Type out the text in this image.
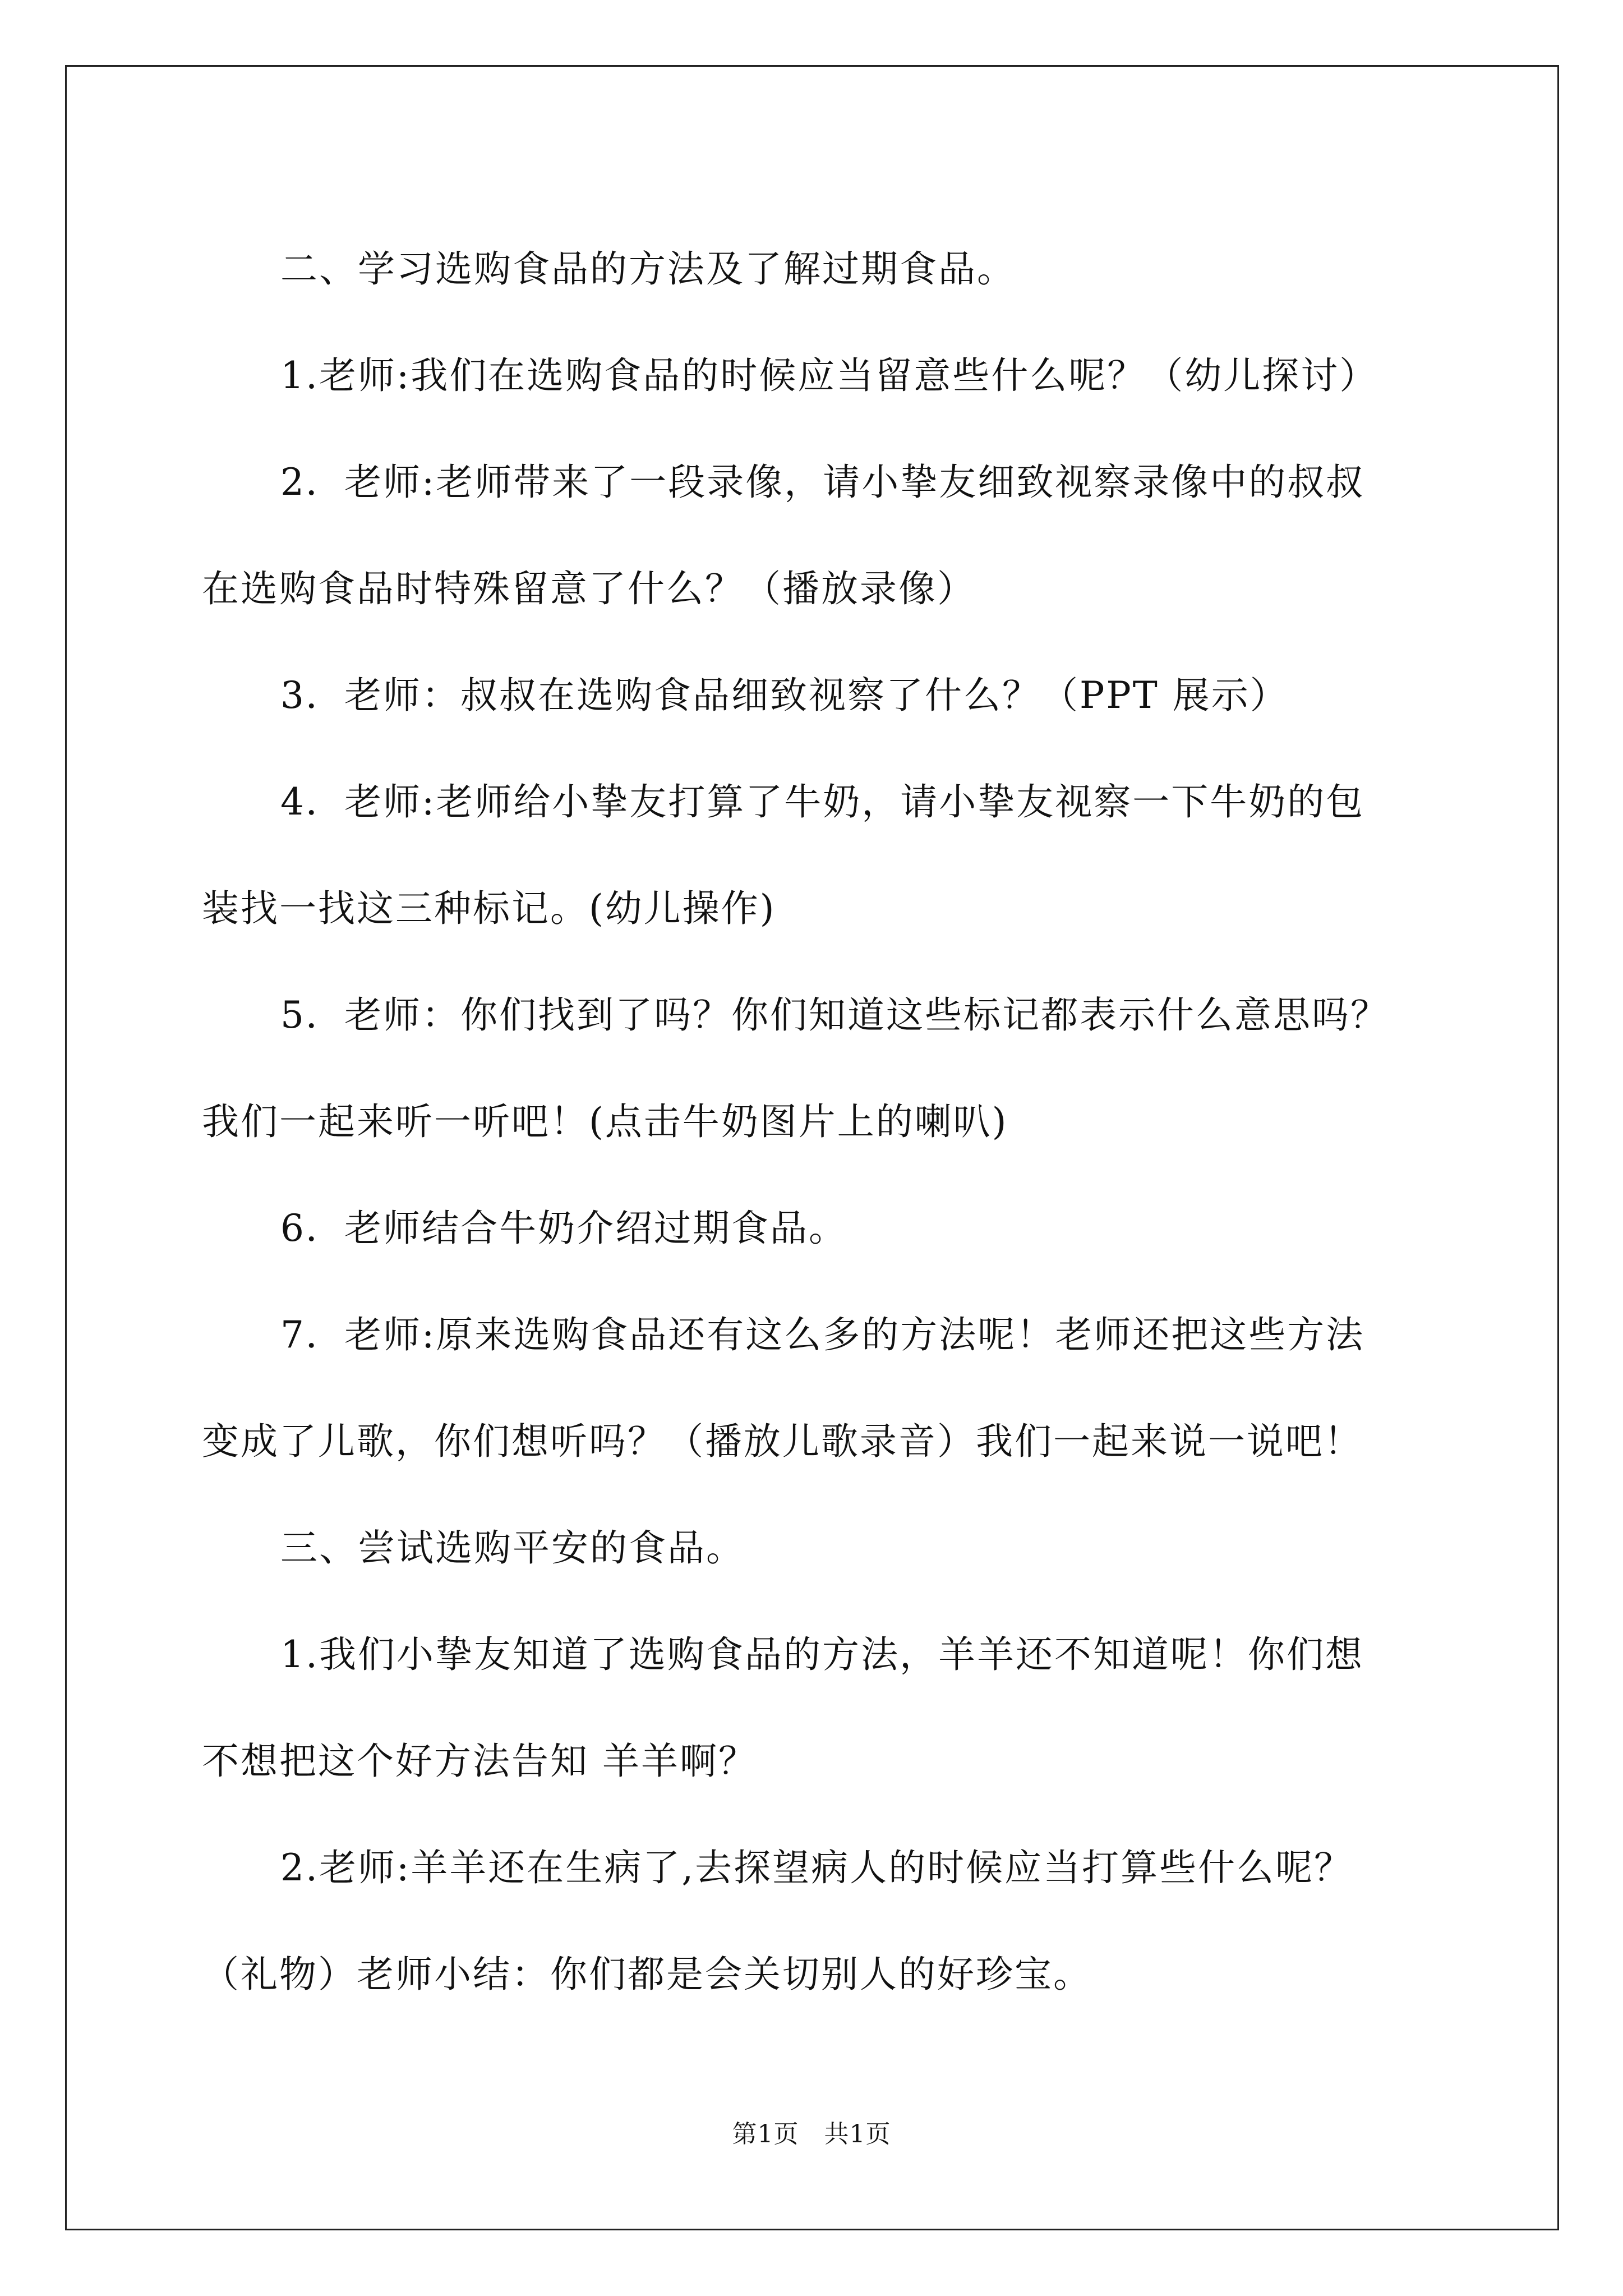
二、学习选购食品的方法及了解过期食品。

1.老师:我们在选购食品的时候应当留意些什么呢？（幼儿探讨）

2．老师:老师带来了一段录像，请小挚友细致视察录像中的叔叔

在选购食品时特殊留意了什么？（播放录像）

3．老师：叔叔在选购食品细致视察了什么？（PPT 展示）

4．老师:老师给小挚友打算了牛奶，请小挚友视察一下牛奶的包

装找一找这三种标记。(幼儿操作)

5．老师：你们找到了吗？你们知道这些标记都表示什么意思吗？

我们一起来听一听吧！(点击牛奶图片上的喇叭)

6．老师结合牛奶介绍过期食品。

7．老师:原来选购食品还有这么多的方法呢！老师还把这些方法

变成了儿歌，你们想听吗？（播放儿歌录音）我们一起来说一说吧！

三、尝试选购平安的食品。

1.我们小挚友知道了选购食品的方法，羊羊还不知道呢！你们想

不想把这个好方法告知 羊羊啊？

2.老师:羊羊还在生病了,去探望病人的时候应当打算些什么呢？

（礼物）老师小结：你们都是会关切别人的好珍宝。

第1页　共1页
